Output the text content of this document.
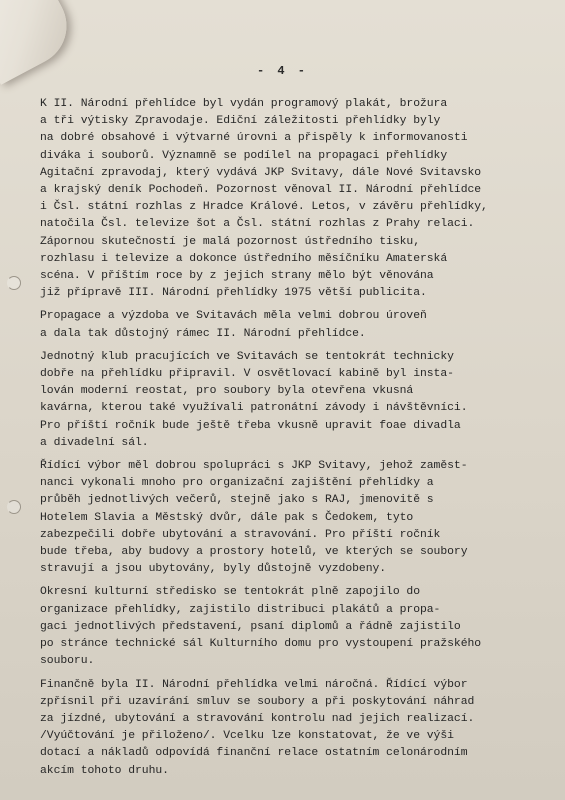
- 4 -
K II. Národní přehlídce byl vydán programový plakát, brožura
a tři výtisky Zpravodaje. Ediční záležitosti přehlídky byly
na dobré obsahové i výtvarné úrovni a přispěly k informovanosti
diváka i souborů. Významně se podílel na propagaci přehlídky
Agitační zpravodaj, který vydává JKP Svitavy, dále Nové Svitavsko
a krajský deník Pochodeň. Pozornost věnoval II. Národní přehlídce
i Čsl. státní rozhlas z Hradce Králové. Letos, v závěru přehlídky,
natočila Čsl. televize šot a Čsl. státní rozhlas z Prahy relaci.
Zápornou skutečností je malá pozornost ústředního tisku,
rozhlasu i televize a dokonce ústředního měsíčníku Amaterská
scéna. V příštím roce by z jejich strany mělo být věnována
již přípravě III. Národní přehlídky 1975 větší publicita.
Propagace a výzdoba ve Svitavách měla velmi dobrou úroveň
a dala tak důstojný rámec II. Národní přehlídce.
Jednotný klub pracujících ve Svitavách se tentokrát technicky
dobře na přehlídku připravil. V osvětlovací kabině byl insta-
lován moderní reostat, pro soubory byla otevřena vkusná
kavárna, kterou také využívali patronátní závody i návštěvníci.
Pro příští ročník bude ještě třeba vkusně upravit foae divadla
a divadelní sál.
Řídící výbor měl dobrou spolupráci s JKP Svitavy, jehož zaměst-
nanci vykonali mnoho pro organizační zajištění přehlídky a
průběh jednotlivých večerů, stejně jako s RAJ, jmenovitě s
Hotelem Slavia a Městský dvůr, dále pak s Čedokem, tyto
zabezpečili dobře ubytování a stravování. Pro příští ročník
bude třeba, aby budovy a prostory hotelů, ve kterých se soubory
stravují a jsou ubytovány, byly důstojně vyzdobeny.
Okresní kulturní středisko se tentokrát plně zapojilo do
organizace přehlídky, zajistilo distribuci plakátů a propa-
gaci jednotlivých představení, psaní diplomů a řádně zajistilo
po stránce technické sál Kulturního domu pro vystoupení pražského
souboru.
Finančně byla II. Národní přehlídka velmi náročná. Řídící výbor
zpřísnil při uzavírání smluv se soubory a při poskytování náhrad
za jízdné, ubytování a stravování kontrolu nad jejich realizací.
/Vyúčtování je přiloženo/. Vcelku lze konstatovat, že ve výši
dotací a nákladů odpovídá finanční relace ostatním celonárodním
akcím tohoto druhu.
